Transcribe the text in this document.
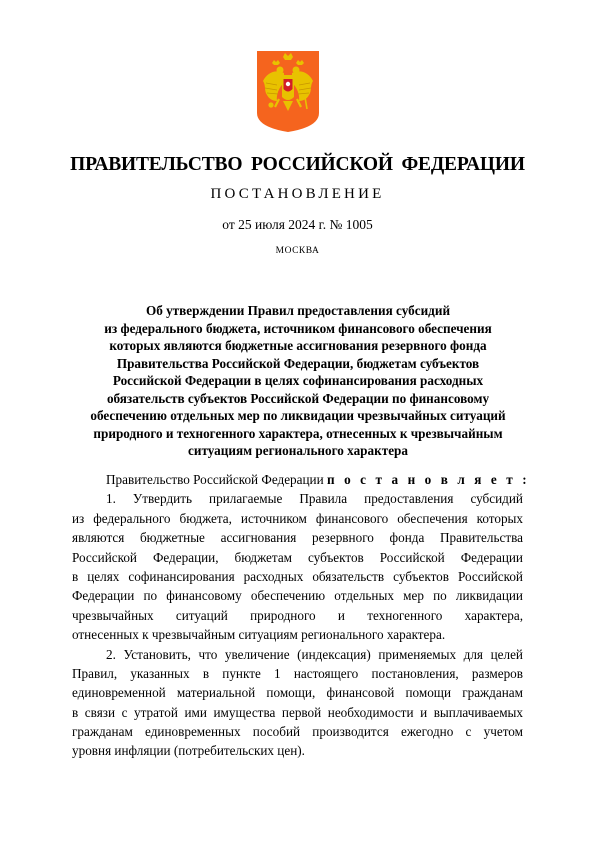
ПРАВИТЕЛЬСТВО РОССИЙСКОЙ ФЕДЕРАЦИИ
ПОСТАНОВЛЕНИЕ
от 25 июля 2024 г. № 1005
МОСКВА
Об утверждении Правил предоставления субсидий
из федерального бюджета, источником финансового обеспечения
которых являются бюджетные ассигнования резервного фонда
Правительства Российской Федерации, бюджетам субъектов
Российской Федерации в целях софинансирования расходных
обязательств субъектов Российской Федерации по финансовому
обеспечению отдельных мер по ликвидации чрезвычайных ситуаций
природного и техногенного характера, отнесенных к чрезвычайным
ситуациям регионального характера
Правительство Российской Федерации п о с т а н о в л я е т :
1. Утвердить прилагаемые Правила предоставления субсидий
из федерального бюджета, источником финансового обеспечения которых
являются бюджетные ассигнования резервного фонда Правительства
Российской Федерации, бюджетам субъектов Российской Федерации
в целях софинансирования расходных обязательств субъектов Российской
Федерации по финансовому обеспечению отдельных мер по ликвидации
чрезвычайных ситуаций природного и техногенного характера,
отнесенных к чрезвычайным ситуациям регионального характера.
2. Установить, что увеличение (индексация) применяемых для целей
Правил, указанных в пункте 1 настоящего постановления, размеров
единовременной материальной помощи, финансовой помощи гражданам
в связи с утратой ими имущества первой необходимости и выплачиваемых
гражданам единовременных пособий производится ежегодно с учетом
уровня инфляции (потребительских цен).
